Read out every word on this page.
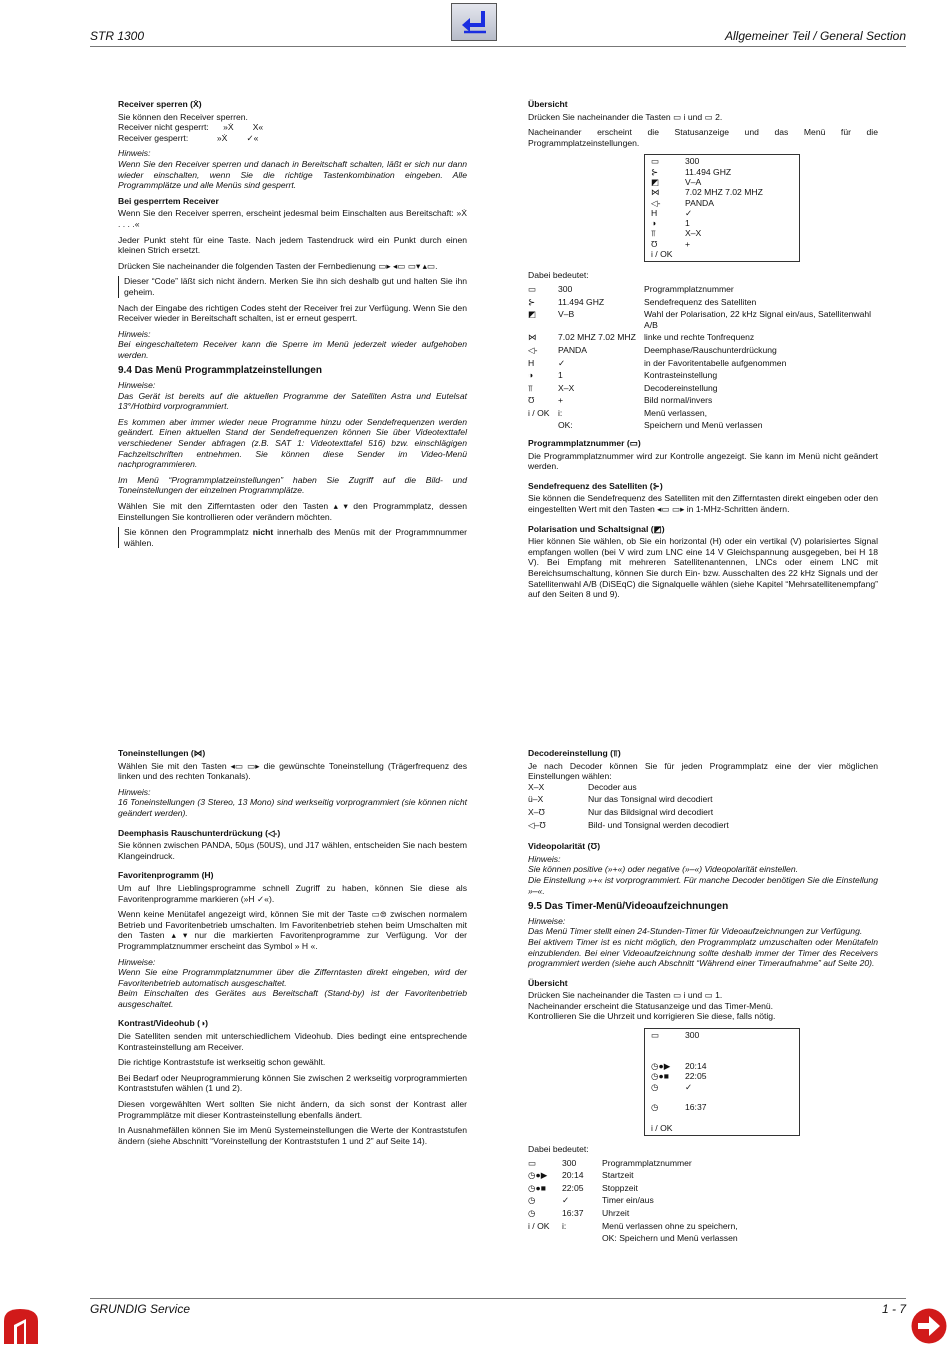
STR 1300	Allgemeiner Teil / General Section

Receiver sperren (Ẋ)

Sie können den Receiver sperren.

Receiver nicht gesperrt:      »Ẋ        X«

Receiver gesperrt:            »Ẋ        ✓«

Hinweis:

Wenn Sie den Receiver sperren und danach in Bereitschaft schalten, läßt er sich nur dann wieder einschalten, wenn Sie die richtige Tastenkombination eingeben. Alle Programmplätze und alle Menüs sind gesperrt.

Bei gesperrtem Receiver

Wenn Sie den Receiver sperren, erscheint jedesmal beim Einschalten aus Bereitschaft: »Ẋ . . . .«

Jeder Punkt steht für eine Taste. Nach jedem Tastendruck wird ein Punkt durch einen kleinen Strich ersetzt.

Drücken Sie nacheinander die folgenden Tasten der Fernbedienung ▭▸ ◂▭ ▭▾ ▴▭.

Dieser “Code” läßt sich nicht ändern. Merken Sie ihn sich deshalb gut und halten Sie ihn geheim.

Nach der Eingabe des richtigen Codes steht der Receiver frei zur Verfügung. Wenn Sie den Receiver wieder in Bereitschaft schalten, ist er erneut gesperrt.

Hinweis:

Bei eingeschaltetem Receiver kann die Sperre im Menü jederzeit wieder aufgehoben werden.

9.4 Das Menü Programmplatzeinstellungen

Hinweise:

Das Gerät ist bereits auf die aktuellen Programme der Satelliten Astra und Eutelsat 13°/Hotbird vorprogrammiert.

Es kommen aber immer wieder neue Programme hinzu oder Sendefrequenzen werden geändert. Einen aktuellen Stand der Sendefrequenzen können Sie über Videotexttafel verschiedener Sender abfragen (z.B. SAT 1: Videotexttafel 516) bzw. einschlägigen Fachzeitschriften entnehmen. Sie können diese Sender im Video-Menü nachprogrammieren.

Im Menü “Programmplatzeinstellungen” haben Sie Zugriff auf die Bild- und Toneinstellungen der einzelnen Programmplätze.

Wählen Sie mit den Zifferntasten oder den Tasten ▴ ▾ den Programmplatz, dessen Einstellungen Sie kontrollieren oder verändern möchten.

Sie können den Programmplatz nicht innerhalb des Menüs mit der Programmnummer wählen.

Übersicht

Drücken Sie nacheinander die Tasten ▭ i und ▭ 2.

Nacheinander erscheint die Statusanzeige und das Menü für die Programmplatzeinstellungen.

▭	300
⊱	11.494 GHZ
◩	V–A
⋈	7.02 MHZ 7.02 MHZ
◁-	PANDA
H	✓
◑	1
⫪	X–X
Ʊ	+
i / OK

Dabei bedeutet:

▭	300	Programmplatznummer
⊱	11.494 GHZ	Sendefrequenz des Satelliten
◩	V–B	Wahl der Polarisation, 22 kHz Signal ein/aus, Satellitenwahl A/B
⋈	7.02 MHZ 7.02 MHZ	linke und rechte Tonfrequenz
◁-	PANDA	Deemphase/Rauschunterdrückung
H	✓	in der Favoritentabelle aufgenommen
◑	1	Kontrasteinstellung
⫪	X–X	Decodereinstellung
Ʊ	+	Bild normal/invers
i / OK	i:	Menü verlassen,
	OK:	Speichern und Menü verlassen

Programmplatznummer (▭)

Die Programmplatznummer wird zur Kontrolle angezeigt. Sie kann im Menü nicht geändert werden.

Sendefrequenz des Satelliten (⊱)

Sie können die Sendefrequenz des Satelliten mit den Zifferntasten direkt eingeben oder den eingestellten Wert mit den Tasten ◂▭ ▭▸ in 1-MHz-Schritten ändern.

Polarisation und Schaltsignal (◩)

Hier können Sie wählen, ob Sie ein horizontal (H) oder ein vertikal (V) polarisiertes Signal empfangen wollen (bei V wird zum LNC eine 14 V Gleichspannung ausgegeben, bei H 18 V). Bei Empfang mit mehreren Satellitenantennen, LNCs oder einem LNC mit Bereichsumschaltung, können Sie durch Ein- bzw. Ausschalten des 22 kHz Signals und der Satellitenwahl A/B (DiSEqC) die Signalquelle wählen (siehe Kapitel “Mehrsatellitenempfang” auf den Seiten 8 und 9).

Toneinstellungen (⋈)

Wählen Sie mit den Tasten ◂▭ ▭▸ die gewünschte Toneinstellung (Trägerfrequenz des linken und des rechten Tonkanals).

Hinweis:

16 Toneinstellungen (3 Stereo, 13 Mono) sind werkseitig vorprogrammiert (sie können nicht geändert werden).

Deemphasis Rauschunterdrückung (◁-)

Sie können zwischen PANDA, 50µs (50US), und J17 wählen, entscheiden Sie nach bestem Klangeindruck.

Favoritenprogramm (H)

Um auf Ihre Lieblingsprogramme schnell Zugriff zu haben, können Sie diese als Favoritenprogramme markieren (»H ✓«).

Wenn keine Menütafel angezeigt wird, können Sie mit der Taste ▭⊜ zwischen normalem Betrieb und Favoritenbetrieb umschalten. Im Favoritenbetrieb stehen beim Umschalten mit den Tasten ▴ ▾ nur die markierten Favoritenprogramme zur Verfügung. Vor der Programmplatznummer erscheint das Symbol » H «.

Hinweise:

Wenn Sie eine Programmplatznummer über die Zifferntasten direkt eingeben, wird der Favoritenbetrieb automatisch ausgeschaltet.

Beim Einschalten des Gerätes aus Bereitschaft (Stand-by) ist der Favoritenbetrieb ausgeschaltet.

Kontrast/Videohub (◑)

Die Satelliten senden mit unterschiedlichem Videohub. Dies bedingt eine entsprechende Kontrasteinstellung am Receiver.

Die richtige Kontraststufe ist werkseitig schon gewählt.

Bei Bedarf oder Neuprogrammierung können Sie zwischen 2 werkseitig vorprogrammierten Kontraststufen wählen (1 und 2).

Diesen vorgewählten Wert sollten Sie nicht ändern, da sich sonst der Kontrast aller Programmplätze mit dieser Kontrasteinstellung ebenfalls ändert.

In Ausnahmefällen können Sie im Menü Systemeinstellungen die Werte der Kontraststufen ändern (siehe Abschnitt “Voreinstellung der Kontraststufen 1 und 2” auf Seite 14).

Decodereinstellung (⫪)

Je nach Decoder können Sie für jeden Programmplatz eine der vier möglichen Einstellungen wählen:

X–X	Decoder aus
ü–X	Nur das Tonsignal wird decodiert
X–Ʊ	Nur das Bildsignal wird decodiert
◁–Ʊ	Bild- und Tonsignal werden decodiert

Videopolarität (Ʊ)

Hinweis:

Sie können positive (»+«) oder negative (»–«) Videopolarität einstellen.

Die Einstellung »+« ist vorprogrammiert. Für manche Decoder benötigen Sie die Einstellung »–«.

9.5 Das Timer-Menü/Videoaufzeichnungen

Hinweise:

Das Menü Timer stellt einen 24-Stunden-Timer für Videoaufzeichnungen zur Verfügung.

Bei aktivem Timer ist es nicht möglich, den Programmplatz umzuschalten oder Menütafeln einzublenden. Bei einer Videoaufzeichnung sollte deshalb immer der Timer des Receivers programmiert werden (siehe auch Abschnitt “Während einer Timeraufnahme” auf Seite 20).

Übersicht

Drücken Sie nacheinander die Tasten ▭ i und ▭ 1.

Nacheinander erscheint die Statusanzeige und das Timer-Menü.

Kontrollieren Sie die Uhrzeit und korrigieren Sie diese, falls nötig.

▭	300
◷●▶	20:14
◷●■	22:05
◷	✓
◷	16:37
i / OK

Dabei bedeutet:

▭	300	Programmplatznummer
◷●▶	20:14	Startzeit
◷●■	22:05	Stoppzeit
◷	✓	Timer ein/aus
◷	16:37	Uhrzeit
i / OK	i:	Menü verlassen ohne zu speichern,
		OK: Speichern und Menü verlassen
GRUNDIG Service	1 - 7
